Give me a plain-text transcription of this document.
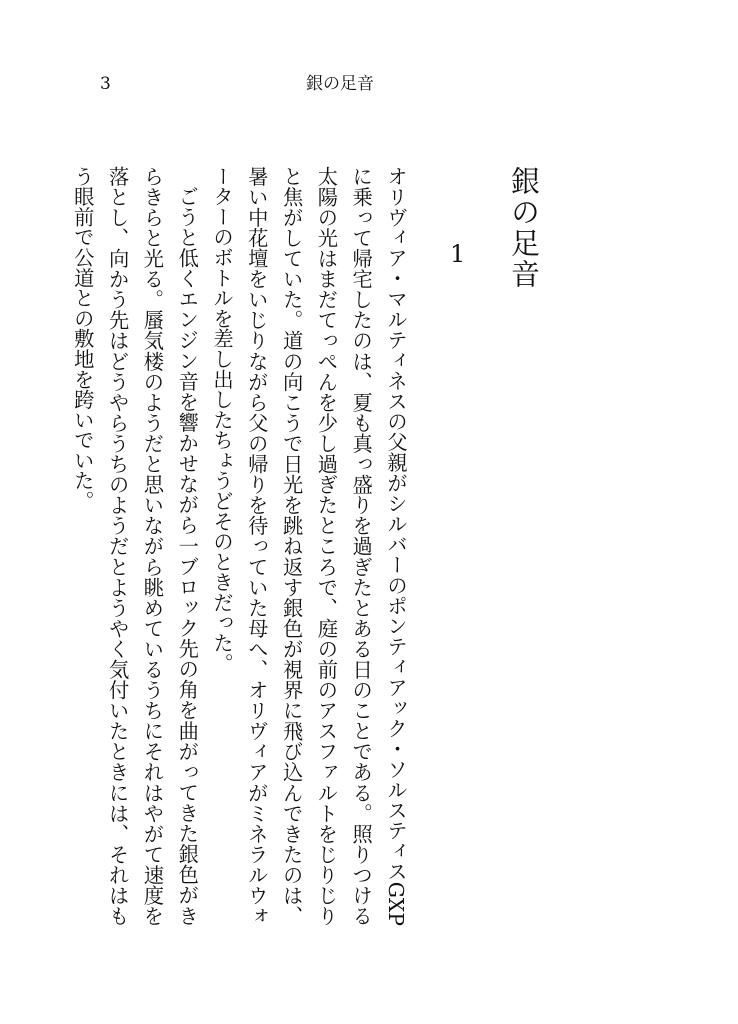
3	銀の足音
銀の足音
1

オリヴィア・マルティネスの父親がシルバーのポンティアック・ソルスティスGXPに乗って帰宅したのは、夏も真っ盛りを過ぎたとある日のことである。照りつける太陽の光はまだてっぺんを少し過ぎたところで、庭の前のアスファルトをじりじりと焦がしていた。道の向こうで日光を跳ね返す銀色が視界に飛び込んできたのは、暑い中花壇をいじりながら父の帰りを待っていた母へ、オリヴィアがミネラルウォーターのボトルを差し出したちょうどそのときだった。

ごうと低くエンジン音を響かせながら一ブロック先の角を曲がってきた銀色がきらきらと光る。蜃気楼のようだと思いながら眺めているうちにそれはやがて速度を落とし、向かう先はどうやらうちのようだとようやく気付いたときには、それはもう眼前で公道との敷地を跨いでいた。
